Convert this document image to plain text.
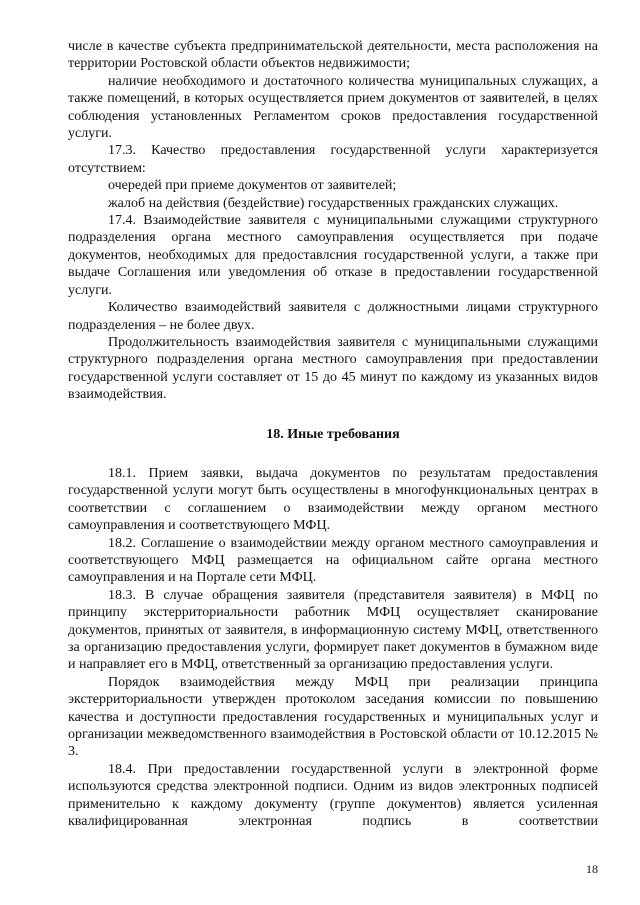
числе в качестве субъекта предпринимательской деятельности, места расположения на территории Ростовской области объектов недвижимости;

наличие необходимого и достаточного количества муниципальных служащих, а также помещений, в которых осуществляется прием документов от заявителей, в целях соблюдения установленных Регламентом сроков предоставления государственной услуги.

17.3. Качество предоставления государственной услуги характеризуется отсутствием:

очередей при приеме документов от заявителей;

жалоб на действия (бездействие) государственных гражданских служащих.

17.4. Взаимодействие заявителя с муниципальными служащими структурного подразделения органа местного самоуправления осуществляется при подаче документов, необходимых для предоставлсния государственной услуги, а также при выдаче Соглашения или уведомления об отказе в предоставлении государственной услуги.

Количество взаимодействий заявителя с должностными лицами структурного подразделения – не более двух.

Продолжительность взаимодействия заявителя с муниципальными служащими структурного подразделения органа местного самоуправления при предоставлении государственной услуги составляет от 15 до 45 минут по каждому из указанных видов взаимодействия.

18. Иные требования

18.1. Прием заявки, выдача документов по результатам предоставления государственной услуги могут быть осуществлены в многофункциональных центрах в соответствии с соглашением о взаимодействии между органом местного самоуправления и соответствующего МФЦ.

18.2. Соглашение о взаимодействии между органом местного самоуправления и соответствующего МФЦ размещается на официальном сайте органа местного самоуправления и на Портале сети МФЦ.

18.3. В случае обращения заявителя (представителя заявителя) в МФЦ по принципу экстерриториальности работник МФЦ осуществляет сканирование документов, принятых от заявителя, в информационную систему МФЦ, ответственного за организацию предоставления услуги, формирует пакет документов в бумажном виде и направляет его в МФЦ, ответственный за организацию предоставления услуги.

Порядок взаимодействия между МФЦ при реализации принципа экстерриториальности утвержден протоколом заседания комиссии по повышению качества и доступности предоставления государственных и муниципальных услуг и организации межведомственного взаимодействия в Ростовской области от 10.12.2015 № 3.

18.4. При предоставлении государственной услуги в электронной форме используются средства электронной подписи. Одним из видов электронных подписей применительно к каждому документу (группе документов) является усиленная квалифицированная электронная подпись в соответствии

18
